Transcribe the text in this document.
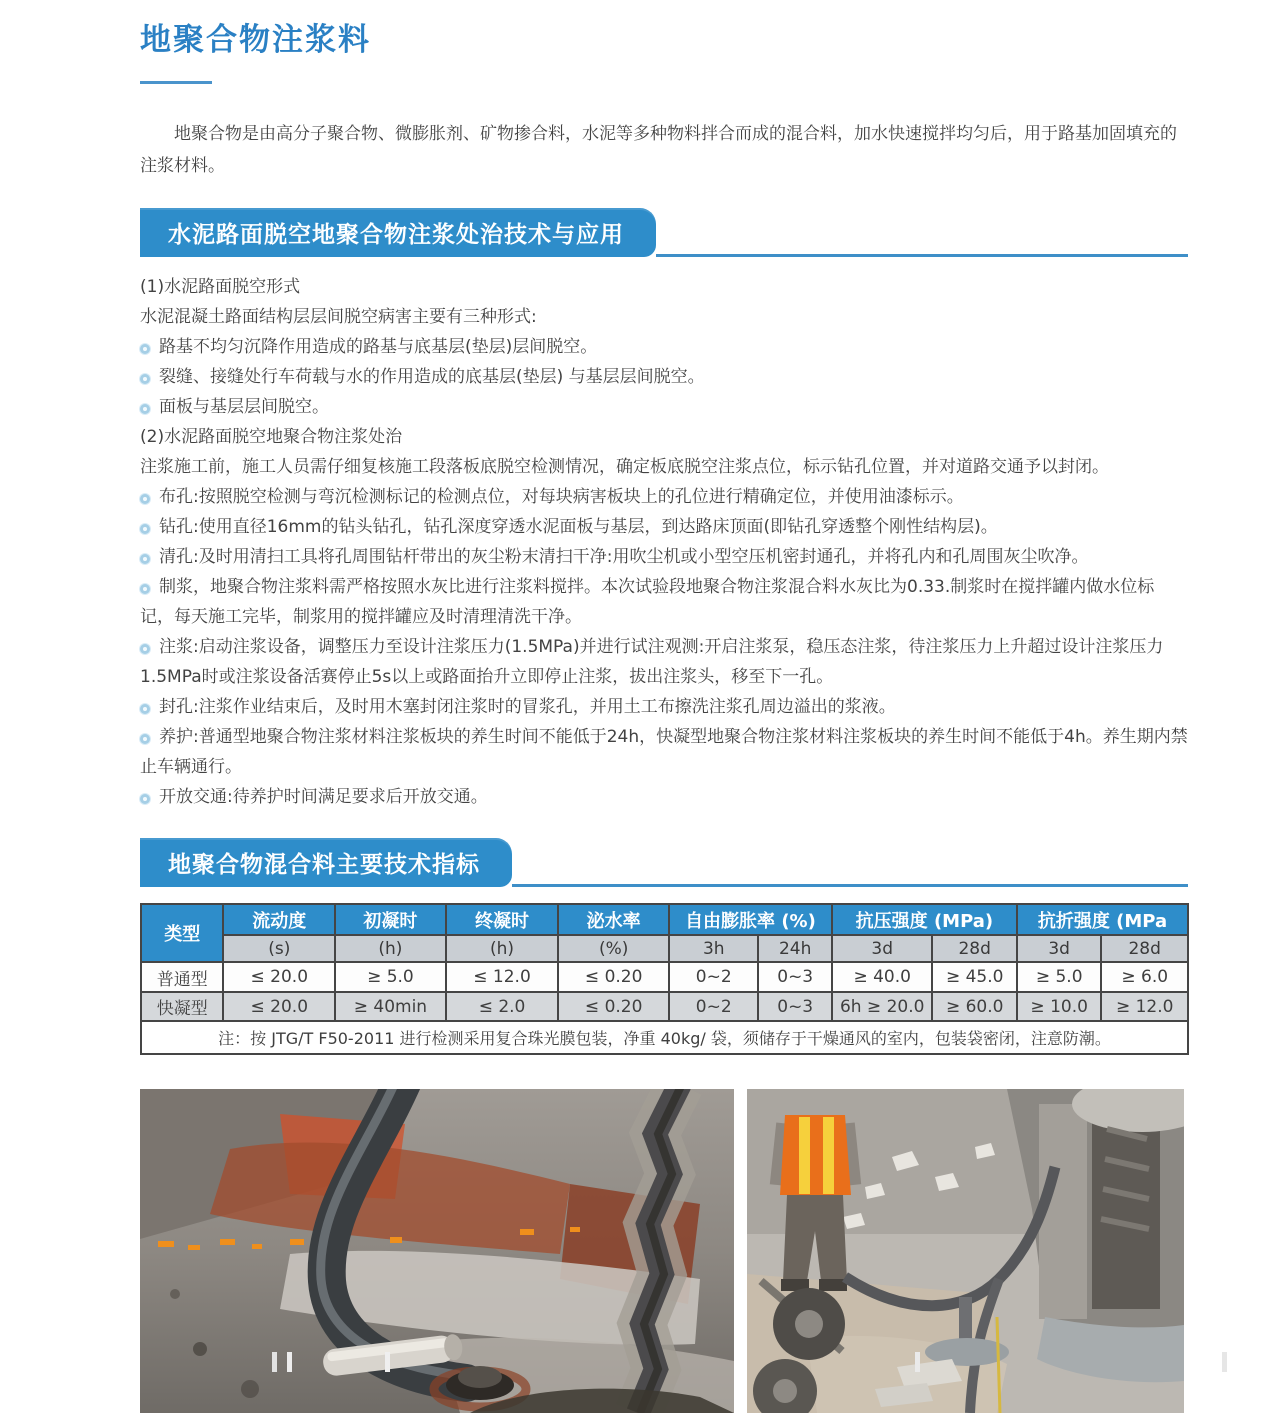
地聚合物注浆料

地聚合物是由高分子聚合物、微膨胀剂、矿物掺合料，水泥等多种物料拌合而成的混合料，加水快速搅拌均匀后，用于路基加固填充的注浆材料。

水泥路面脱空地聚合物注浆处治技术与应用

(1)水泥路面脱空形式

水泥混凝土路面结构层层间脱空病害主要有三种形式:

路基不均匀沉降作用造成的路基与底基层(垫层)层间脱空。

裂缝、接缝处行车荷载与水的作用造成的底基层(垫层) 与基层层间脱空。

面板与基层层间脱空。

(2)水泥路面脱空地聚合物注浆处治

注浆施工前，施工人员需仔细复核施工段落板底脱空检测情况，确定板底脱空注浆点位，标示钻孔位置，并对道路交通予以封闭。

布孔:按照脱空检测与弯沉检测标记的检测点位，对每块病害板块上的孔位进行精确定位，并使用油漆标示。

钻孔:使用直径16mm的钻头钻孔，钻孔深度穿透水泥面板与基层，到达路床顶面(即钻孔穿透整个刚性结构层)。

清孔:及时用清扫工具将孔周围钻杆带出的灰尘粉末清扫干净:用吹尘机或小型空压机密封通孔，并将孔内和孔周围灰尘吹净。

制浆，地聚合物注浆料需严格按照水灰比进行注浆料搅拌。本次试验段地聚合物注浆混合料水灰比为0.33.制浆时在搅拌罐内做水位标记，每天施工完毕，制浆用的搅拌罐应及时清理清洗干净。

注浆:启动注浆设备，调整压力至设计注浆压力(1.5MPa)并进行试注观测:开启注浆泵，稳压态注浆，待注浆压力上升超过设计注浆压力1.5MPa时或注浆设备活赛停止5s以上或路面抬升立即停止注浆，拔出注浆头，移至下一孔。

封孔:注浆作业结束后，及时用木塞封闭注浆时的冒浆孔，并用土工布擦洗注浆孔周边溢出的浆液。

养护:普通型地聚合物注浆材料注浆板块的养生时间不能低于24h，快凝型地聚合物注浆材料注浆板块的养生时间不能低于4h。养生期内禁止车辆通行。

开放交通:待养护时间满足要求后开放交通。

地聚合物混合料主要技术指标
类型	流动度	初凝时	终凝时	泌水率	自由膨胀率 (%)		抗压强度 (MPa)		抗折强度 (MPa	
	(s)	(h)	(h)	(%)	3h	24h	3d	28d	3d	28d
普通型	≤ 20.0	≥ 5.0	≤ 12.0	≤ 0.20	0~2	0~3	≥ 40.0	≥ 45.0	≥ 5.0	≥ 6.0
快凝型	≤ 20.0	≥ 40min	≤ 2.0	≤ 0.20	0~2	0~3	6h ≥ 20.0	≥ 60.0	≥ 10.0	≥ 12.0
注：按 JTG/T F50-2011 进行检测采用复合珠光膜包装，净重 40kg/ 袋，须储存于干燥通风的室内，包装袋密闭，注意防潮。										
